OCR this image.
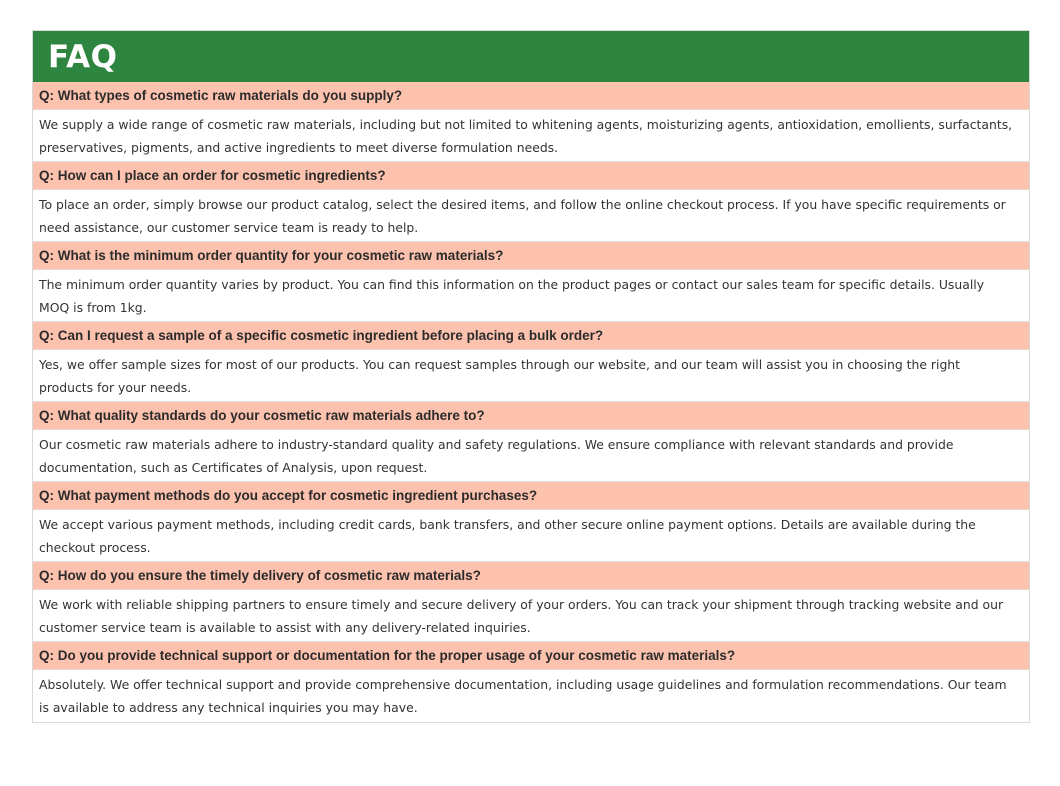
FAQ
Q: What types of cosmetic raw materials do you supply?
We supply a wide range of cosmetic raw materials, including but not limited to whitening agents, moisturizing agents, antioxidation, emollients, surfactants, preservatives, pigments, and active ingredients to meet diverse formulation needs.
Q: How can I place an order for cosmetic ingredients?
To place an order, simply browse our product catalog, select the desired items, and follow the online checkout process. If you have specific requirements or need assistance, our customer service team is ready to help.
Q: What is the minimum order quantity for your cosmetic raw materials?
The minimum order quantity varies by product. You can find this information on the product pages or contact our sales team for specific details. Usually MOQ is from 1kg.
Q: Can I request a sample of a specific cosmetic ingredient before placing a bulk order?
Yes, we offer sample sizes for most of our products. You can request samples through our website, and our team will assist you in choosing the right products for your needs.
Q: What quality standards do your cosmetic raw materials adhere to?
Our cosmetic raw materials adhere to industry-standard quality and safety regulations. We ensure compliance with relevant standards and provide documentation, such as Certificates of Analysis, upon request.
Q: What payment methods do you accept for cosmetic ingredient purchases?
We accept various payment methods, including credit cards, bank transfers, and other secure online payment options. Details are available during the checkout process.
Q: How do you ensure the timely delivery of cosmetic raw materials?
We work with reliable shipping partners to ensure timely and secure delivery of your orders. You can track your shipment through tracking website and our customer service team is available to assist with any delivery-related inquiries.
Q: Do you provide technical support or documentation for the proper usage of your cosmetic raw materials?
Absolutely. We offer technical support and provide comprehensive documentation, including usage guidelines and formulation recommendations. Our team is available to address any technical inquiries you may have.
